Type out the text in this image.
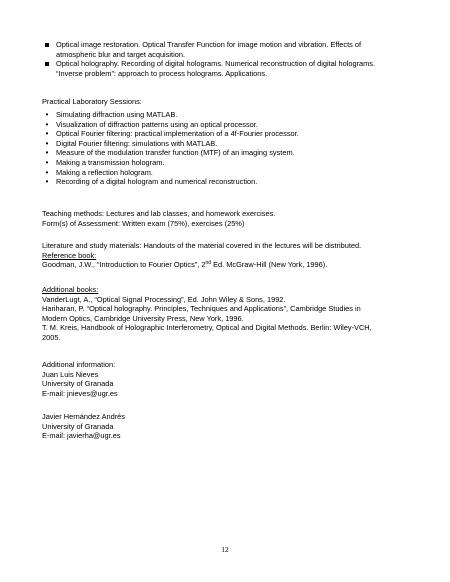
Optical image restoration. Optical Transfer Function for image motion and vibration. Effects of
atmospheric blur and target acquisition.
Optical holography. Recording of digital holograms. Numerical reconstruction of digital holograms.
“Inverse problem”: approach to process holograms. Applications.
Practical Laboratory Sessions:
•	Simulating diffraction using MATLAB.
•	Visualization of diffraction patterns using an optical processor.
•	Optical Fourier filtering: practical implementation of a 4f-Fourier processor.
•	Digital Fourier filtering: simulations with MATLAB.
•	Measure of the modulation transfer function (MTF) of an imaging system.
•	Making a transmission hologram.
•	Making a reflection hologram.
•	Recording of a digital hologram and numerical reconstruction.
Teaching methods: Lectures and lab classes, and homework exercises.
Form(s) of Assessment: Written exam (75%), exercises (25%)
Literature and study materials: Handouts of the material covered in the lectures will be distributed.
Reference book:
Goodman, J.W., “Introduction to Fourier Optics”, 2nd Ed. McGraw-Hill (New York, 1996).
Additional books:
VanderLugt, A., “Optical Signal Processing”, Ed. John Wiley & Sons, 1992.
Hariharan, P. “Optical holography. Principles, Techniques and Applications”, Cambridge Studies in
Modern Optics, Cambridge University Press, New York, 1996.
T. M. Kreis, Handbook of Holographic Interferometry, Optical and Digital Methods. Berlin: Wiley-VCH,
2005.
Additional information:
Juan Luis Nieves
University of Granada
E-mail: jnieves@ugr.es
Javier Hernández Andrés
University of Granada
E-mail: javierha@ugr.es
12
